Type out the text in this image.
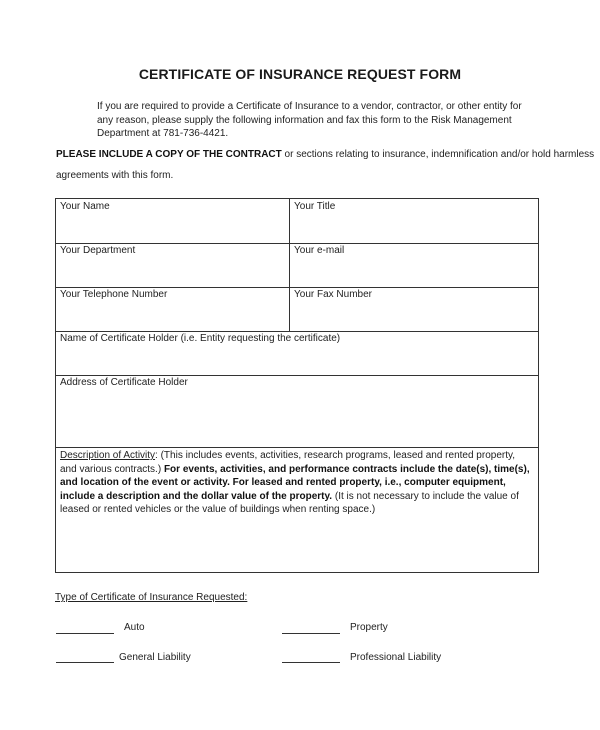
CERTIFICATE OF INSURANCE REQUEST FORM
If you are required to provide a Certificate of Insurance to a vendor, contractor, or other entity for any reason, please supply the following information and fax this form to the Risk Management Department at 781-736-4421.
PLEASE INCLUDE A COPY OF THE CONTRACT or sections relating to insurance, indemnification and/or hold harmless
agreements with this form.
Your Name	Your Title
Your Department	Your e-mail
Your Telephone Number	Your Fax Number
Name of Certificate Holder (i.e. Entity requesting the certificate)
Address of Certificate Holder
Description of Activity: (This includes events, activities, research programs, leased and rented property, and various contracts.) For events, activities, and performance contracts include the date(s), time(s), and location of the event or activity. For leased and rented property, i.e., computer equipment, include a description and the dollar value of the property. (It is not necessary to include the value of leased or rented vehicles or the value of buildings when renting space.)
Type of Certificate of Insurance Requested:
Auto	Property
General Liability	Professional Liability
